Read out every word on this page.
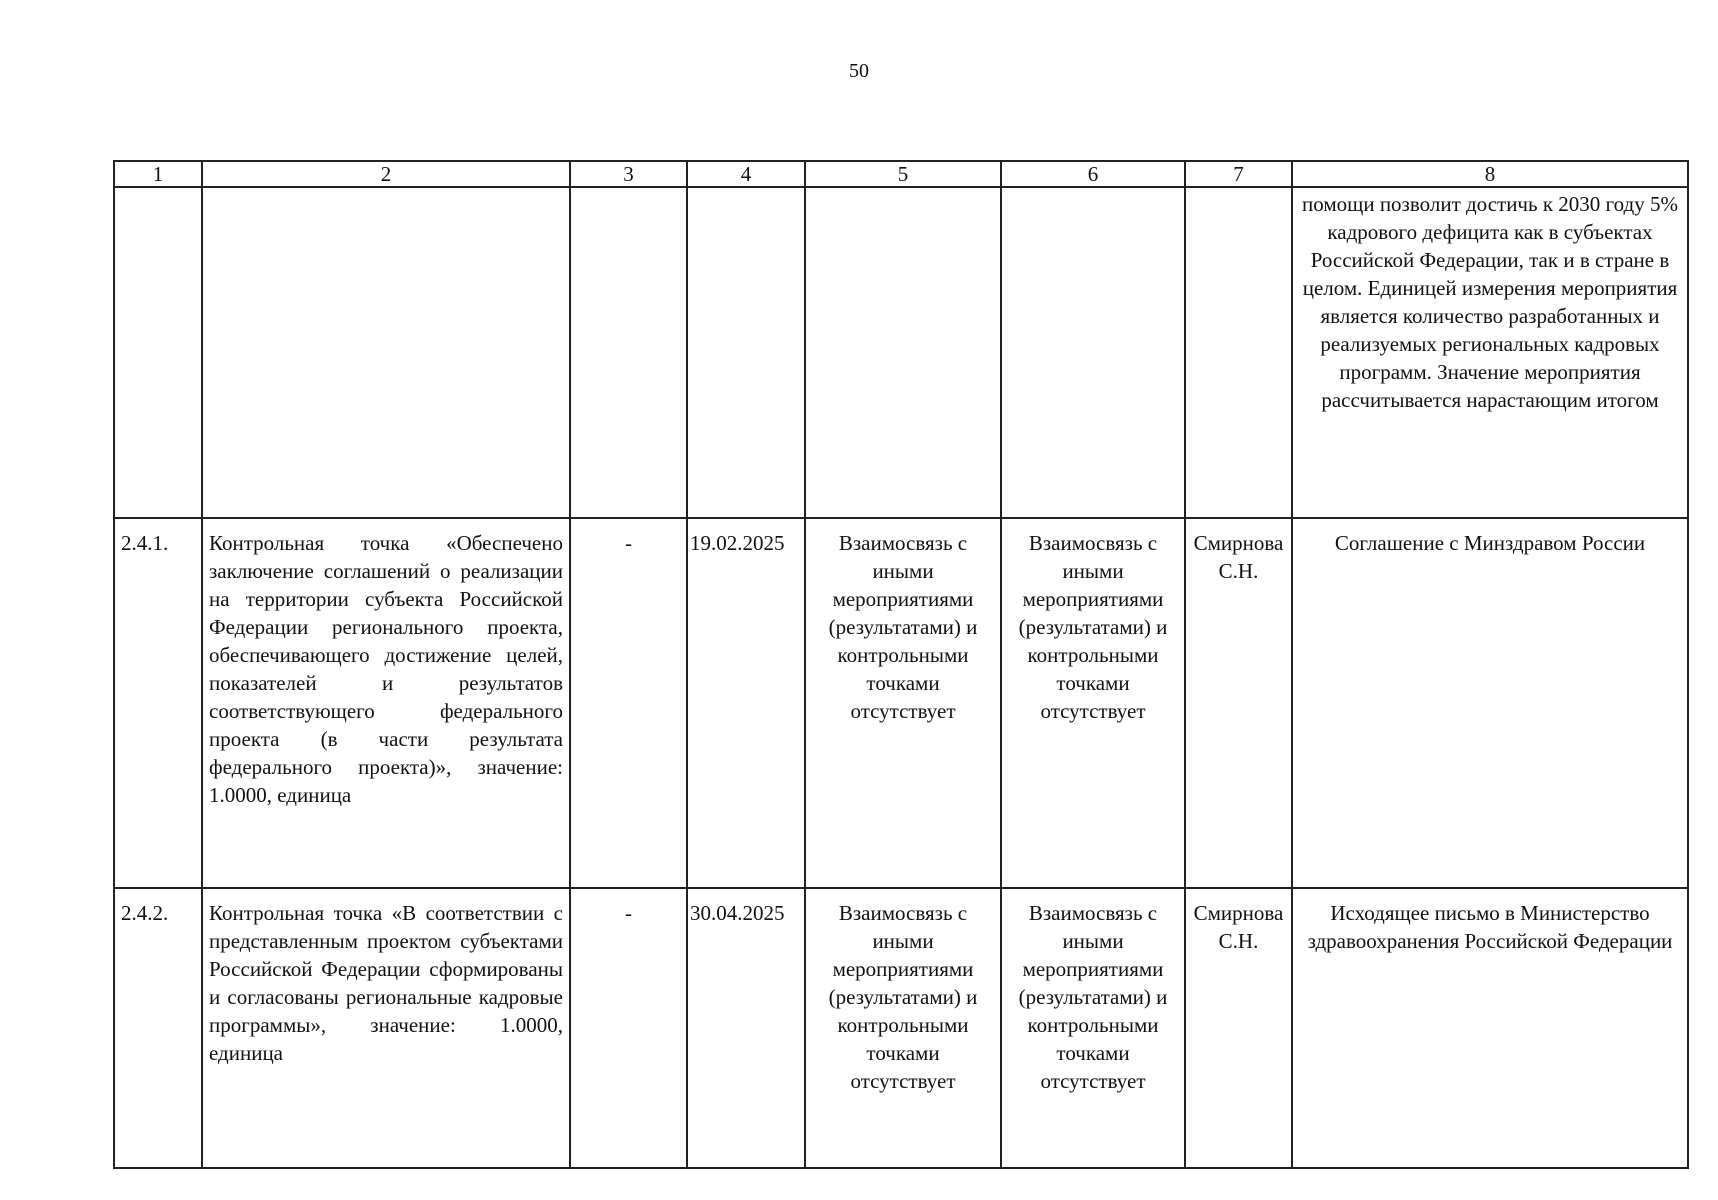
50
1	2	3	4	5	6	7	8
							помощи позволит достичь к 2030 году 5% кадрового дефицита как в субъектах Российской Федерации, так и в стране в целом. Единицей измерения мероприятия является количество разработанных и реализуемых региональных кадровых программ. Значение мероприятия рассчитывается нарастающим итогом
2.4.1.	Контрольная точка «Обеспечено заключение соглашений о реализации на территории субъекта Российской Федерации регионального проекта, обеспечивающего достижение целей, показателей и результатов соответствующего федерального проекта (в части результата федерального проекта)», значение: 1.0000, единица	-	19.02.2025	Взаимосвязь с иными мероприятиями (результатами) и контрольными точками отсутствует	Взаимосвязь с иными мероприятиями (результатами) и контрольными точками отсутствует	Смирнова С.Н.	Соглашение с Минздравом России
2.4.2.	Контрольная точка «В соответствии с представленным проектом субъектами Российской Федерации сформированы и согласованы региональные кадровые программы», значение: 1.0000, единица	-	30.04.2025	Взаимосвязь с иными мероприятиями (результатами) и контрольными точками отсутствует	Взаимосвязь с иными мероприятиями (результатами) и контрольными точками отсутствует	Смирнова С.Н.	Исходящее письмо в Министерство здравоохранения Российской Федерации
